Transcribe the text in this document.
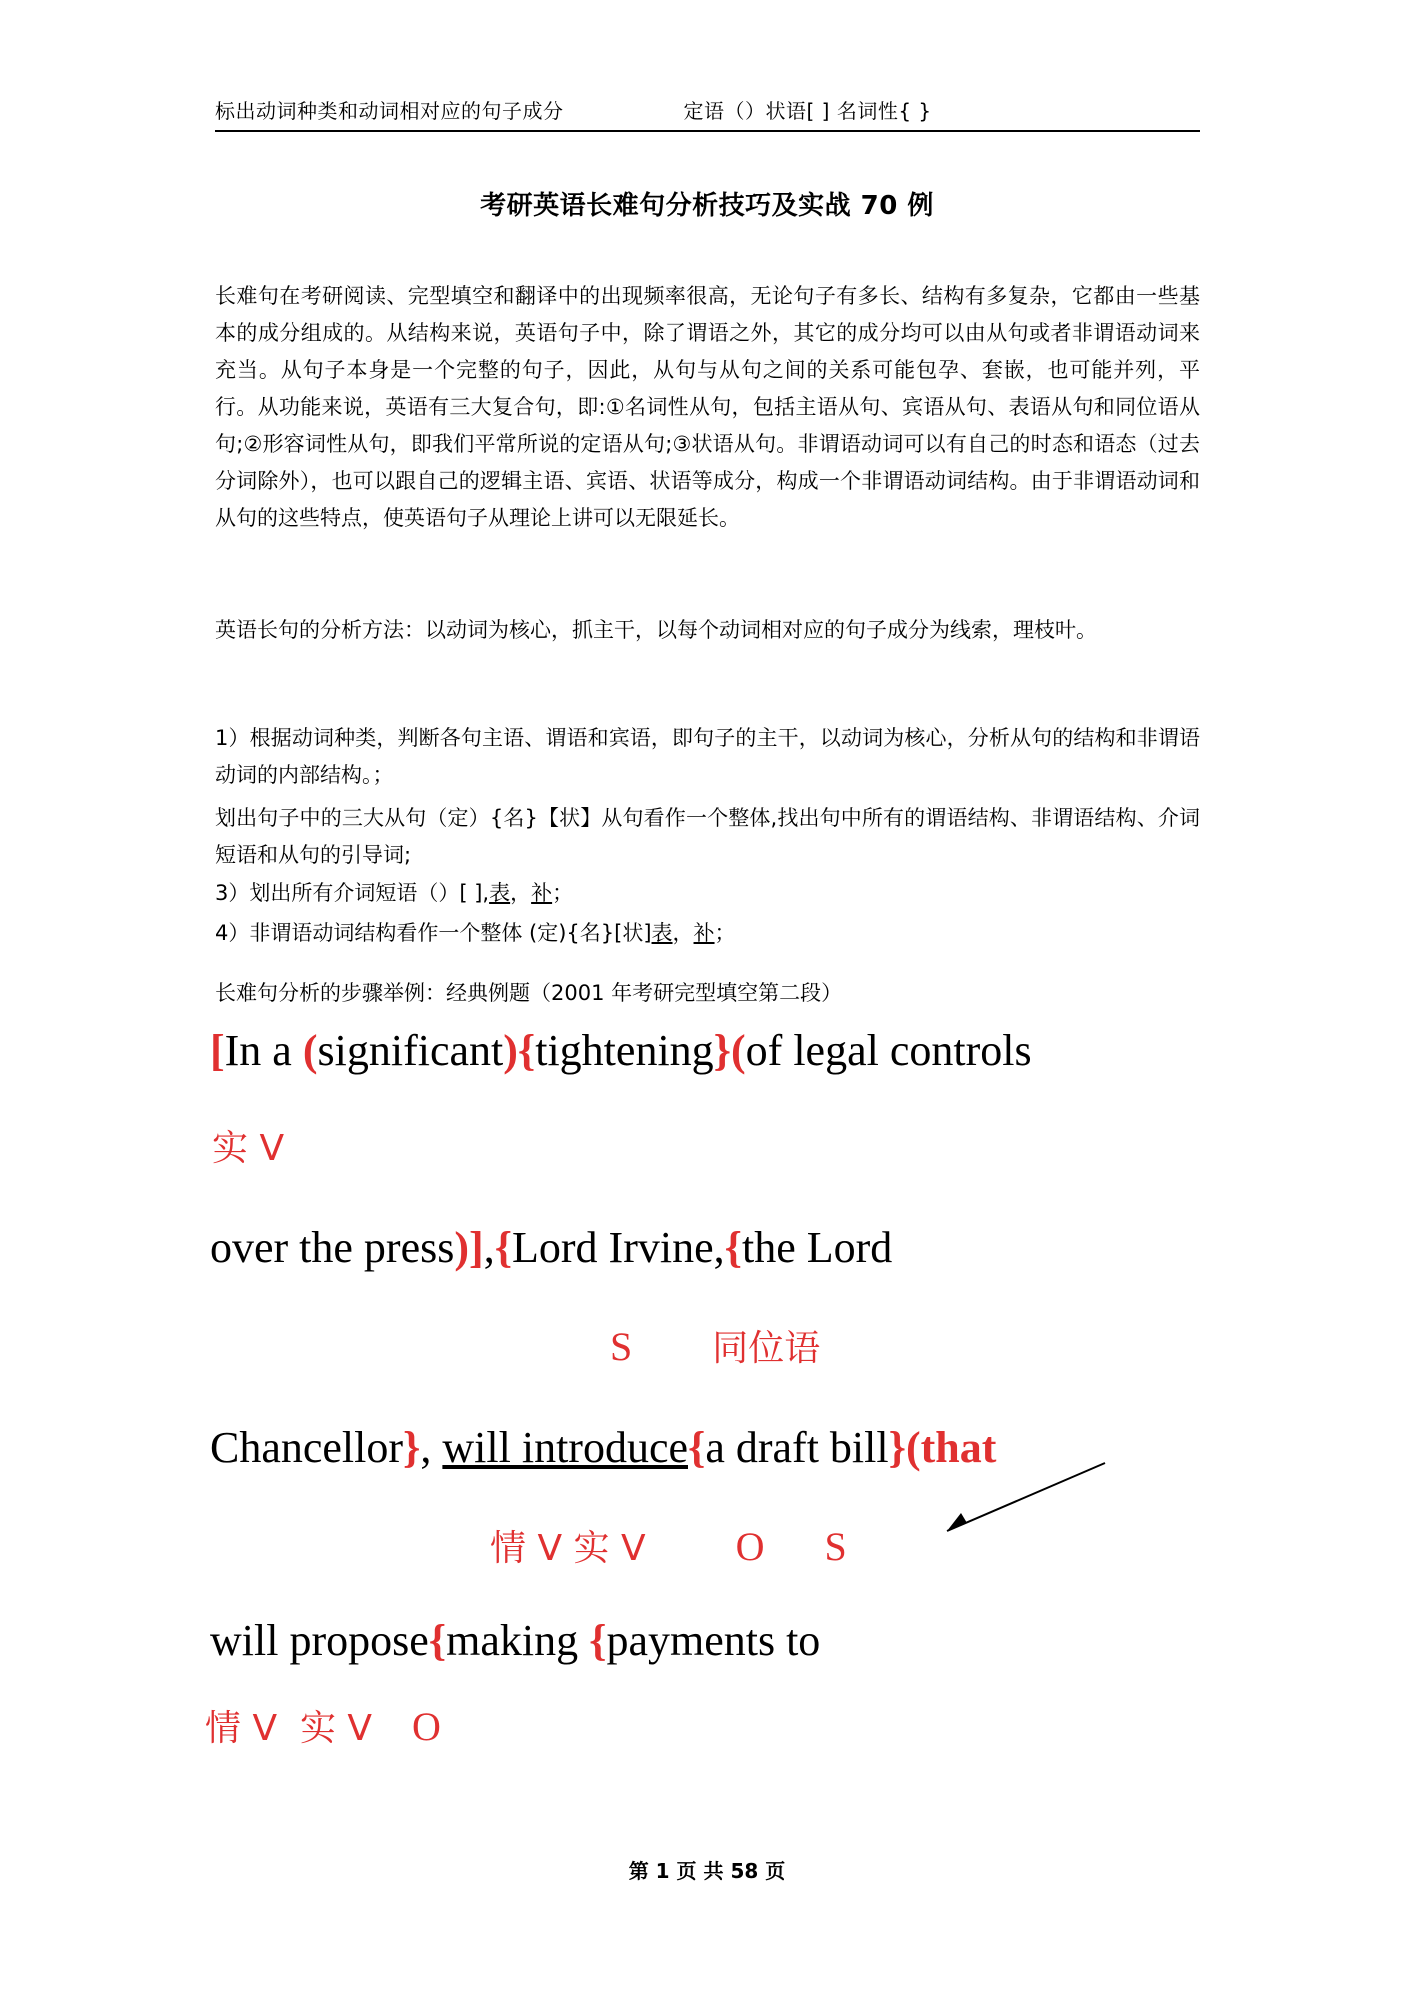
标出动词种类和动词相对应的句子成分	定语（）状语[ ] 名词性{ }
考研英语长难句分析技巧及实战 70 例
长难句在考研阅读、完型填空和翻译中的出现频率很高，无论句子有多长、结构有多复杂，它都由一些基本的成分组成的。从结构来说，英语句子中，除了谓语之外，其它的成分均可以由从句或者非谓语动词来充当。从句子本身是一个完整的句子，因此，从句与从句之间的关系可能包孕、套嵌，也可能并列，平行。从功能来说，英语有三大复合句，即:①名词性从句，包括主语从句、宾语从句、表语从句和同位语从句;②形容词性从句，即我们平常所说的定语从句;③状语从句。非谓语动词可以有自己的时态和语态（过去分词除外），也可以跟自己的逻辑主语、宾语、状语等成分，构成一个非谓语动词结构。由于非谓语动词和从句的这些特点，使英语句子从理论上讲可以无限延长。
英语长句的分析方法：以动词为核心，抓主干，以每个动词相对应的句子成分为线索，理枝叶。
1）根据动词种类，判断各句主语、谓语和宾语，即句子的主干，以动词为核心，分析从句的结构和非谓语动词的内部结构。；
划出句子中的三大从句（定）{名}【状】从句看作一个整体,找出句中所有的谓语结构、非谓语结构、介词短语和从句的引导词;
3）划出所有介词短语（）[ ],表，补；
4）非谓语动词结构看作一个整体 (定){名}[状]表，补；
长难句分析的步骤举例：经典例题（2001 年考研完型填空第二段）
[In a (significant){tightening}(of legal controls
实 V
over the press)],{Lord Irvine,{the Lord
S 同位语
Chancellor}, will introduce{a draft bill}(that
情 V 实 V O S
will propose{making {payments to
情 V  实 V O
第 1 页 共 58 页
